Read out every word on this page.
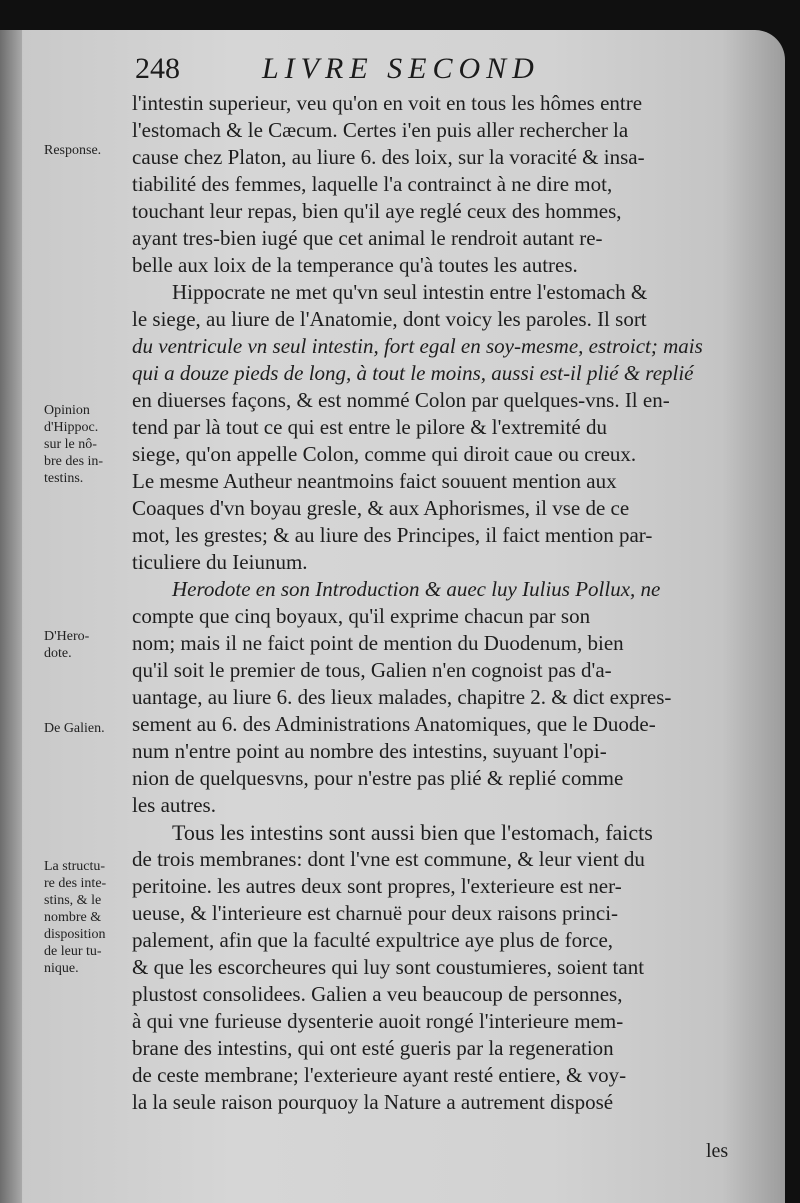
248	LIVRE SECOND
l'intestin superieur, veu qu'on en voit en tous les hômes entre
l'estomach & le Cæcum. Certes i'en puis aller rechercher la
cause chez Platon, au liure 6. des loix, sur la voracité & insa-
tiabilité des femmes, laquelle l'a contrainct à ne dire mot,
touchant leur repas, bien qu'il aye reglé ceux des hommes,
ayant tres-bien iugé que cet animal le rendroit autant re-
belle aux loix de la temperance qu'à toutes les autres.
Hippocrate ne met qu'vn seul intestin entre l'estomach &
le siege, au liure de l'Anatomie, dont voicy les paroles. Il sort
du ventricule vn seul intestin, fort egal en soy-mesme, estroict; mais
qui a douze pieds de long, à tout le moins, aussi est-il plié & replié
en diuerses façons, & est nommé Colon par quelques-vns. Il en-
tend par là tout ce qui est entre le pilore & l'extremité du
siege, qu'on appelle Colon, comme qui diroit caue ou creux.
Le mesme Autheur neantmoins faict souuent mention aux
Coaques d'vn boyau gresle, & aux Aphorismes, il vse de ce
mot, les grestes; & au liure des Principes, il faict mention par-
ticuliere du Ieiunum.
Herodote en son Introduction & auec luy Iulius Pollux, ne
compte que cinq boyaux, qu'il exprime chacun par son
nom; mais il ne faict point de mention du Duodenum, bien
qu'il soit le premier de tous, Galien n'en cognoist pas d'a-
uantage, au liure 6. des lieux malades, chapitre 2. & dict expres-
sement au 6. des Administrations Anatomiques, que le Duode-
num n'entre point au nombre des intestins, suyuant l'opi-
nion de quelquesvns, pour n'estre pas plié & replié comme
les autres.
Tous les intestins sont aussi bien que l'estomach, faicts
de trois membranes: dont l'vne est commune, & leur vient du
peritoine. les autres deux sont propres, l'exterieure est ner-
ueuse, & l'interieure est charnuë pour deux raisons princi-
palement, afin que la faculté expultrice aye plus de force,
& que les escorcheures qui luy sont coustumieres, soient tant
plustost consolidees. Galien a veu beaucoup de personnes,
à qui vne furieuse dysenterie auoit rongé l'interieure mem-
brane des intestins, qui ont esté gueris par la regeneration
de ceste membrane; l'exterieure ayant resté entiere, & voy-
la la seule raison pourquoy la Nature a autrement disposé
les
Response.
Opinion
d'Hippoc.
sur le nô-
bre des in-
testins.
D'Hero-
dote.
De Galien.
La structu-
re des inte-
stins, & le
nombre &
disposition
de leur tu-
nique.
